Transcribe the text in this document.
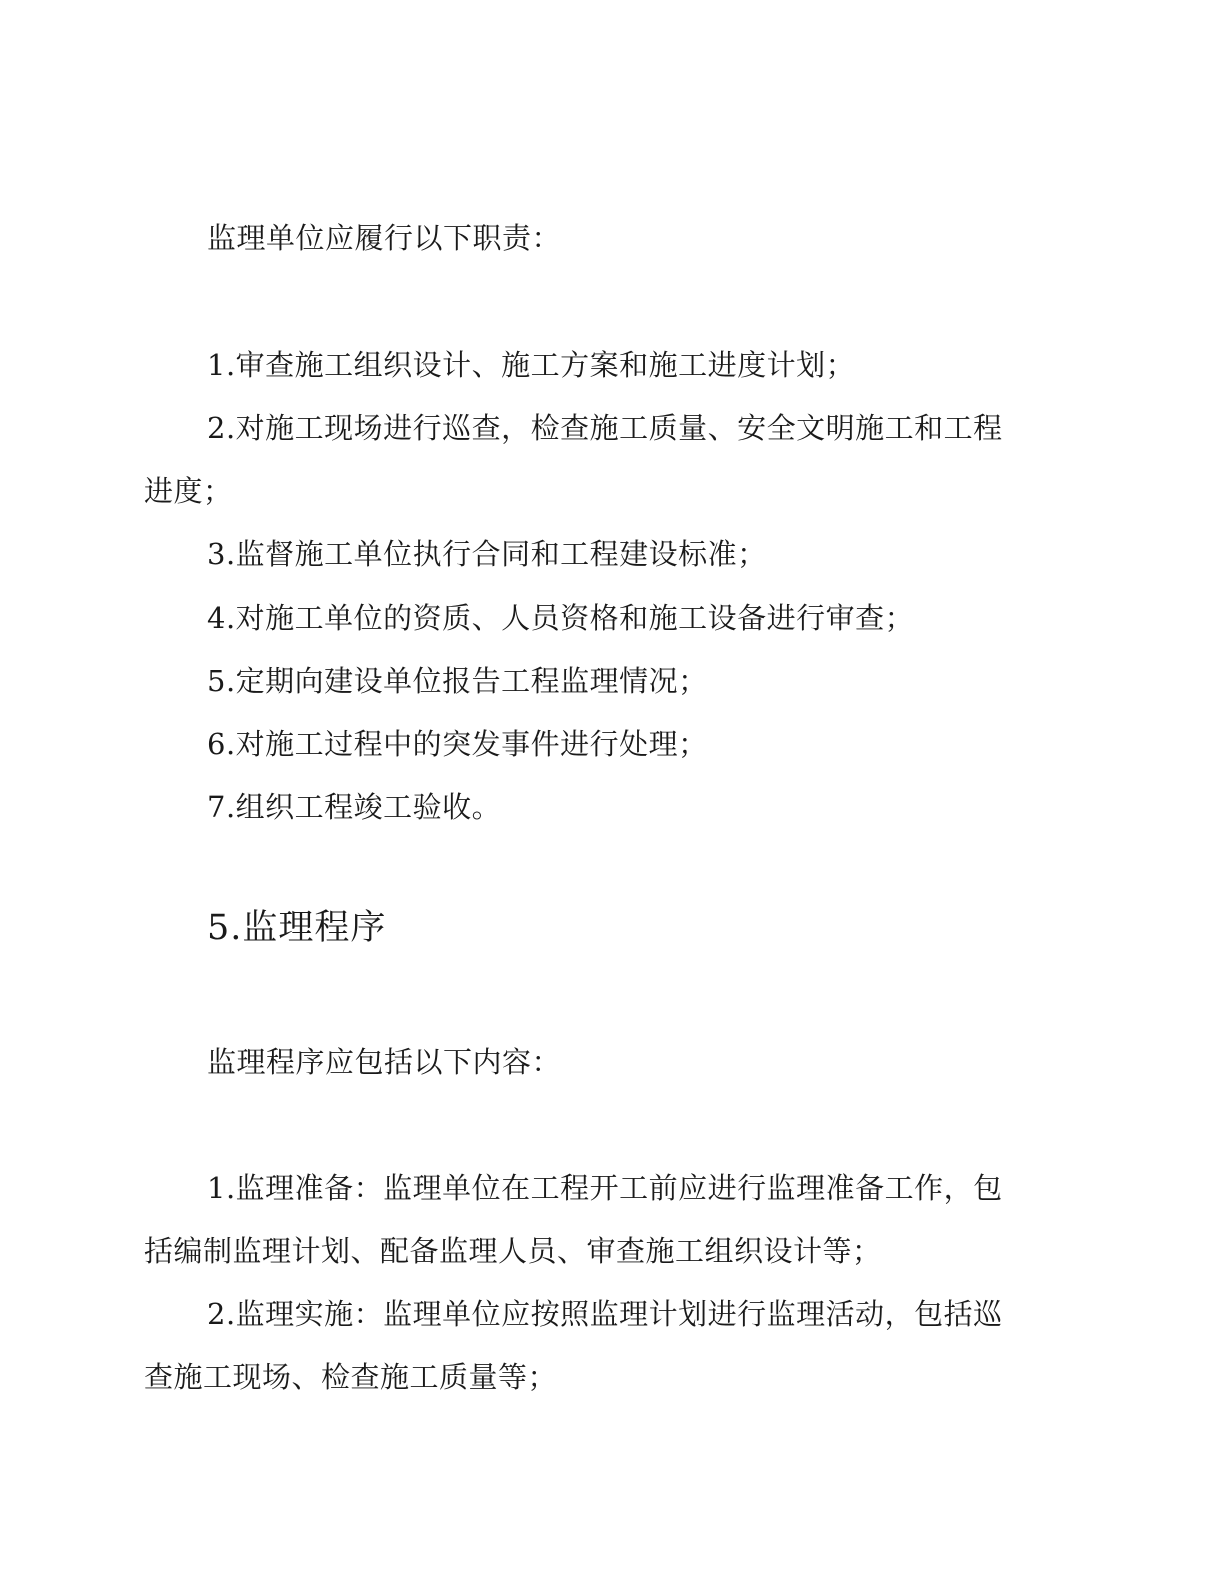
监理单位应履行以下职责：
1.审查施工组织设计、施工方案和施工进度计划；
2.对施工现场进行巡查，检查施工质量、安全文明施工和工程
进度；
3.监督施工单位执行合同和工程建设标准；
4.对施工单位的资质、人员资格和施工设备进行审查；
5.定期向建设单位报告工程监理情况；
6.对施工过程中的突发事件进行处理；
7.组织工程竣工验收。
5.监理程序
监理程序应包括以下内容：
1.监理准备：监理单位在工程开工前应进行监理准备工作，包
括编制监理计划、配备监理人员、审查施工组织设计等；
2.监理实施：监理单位应按照监理计划进行监理活动，包括巡
查施工现场、检查施工质量等；
